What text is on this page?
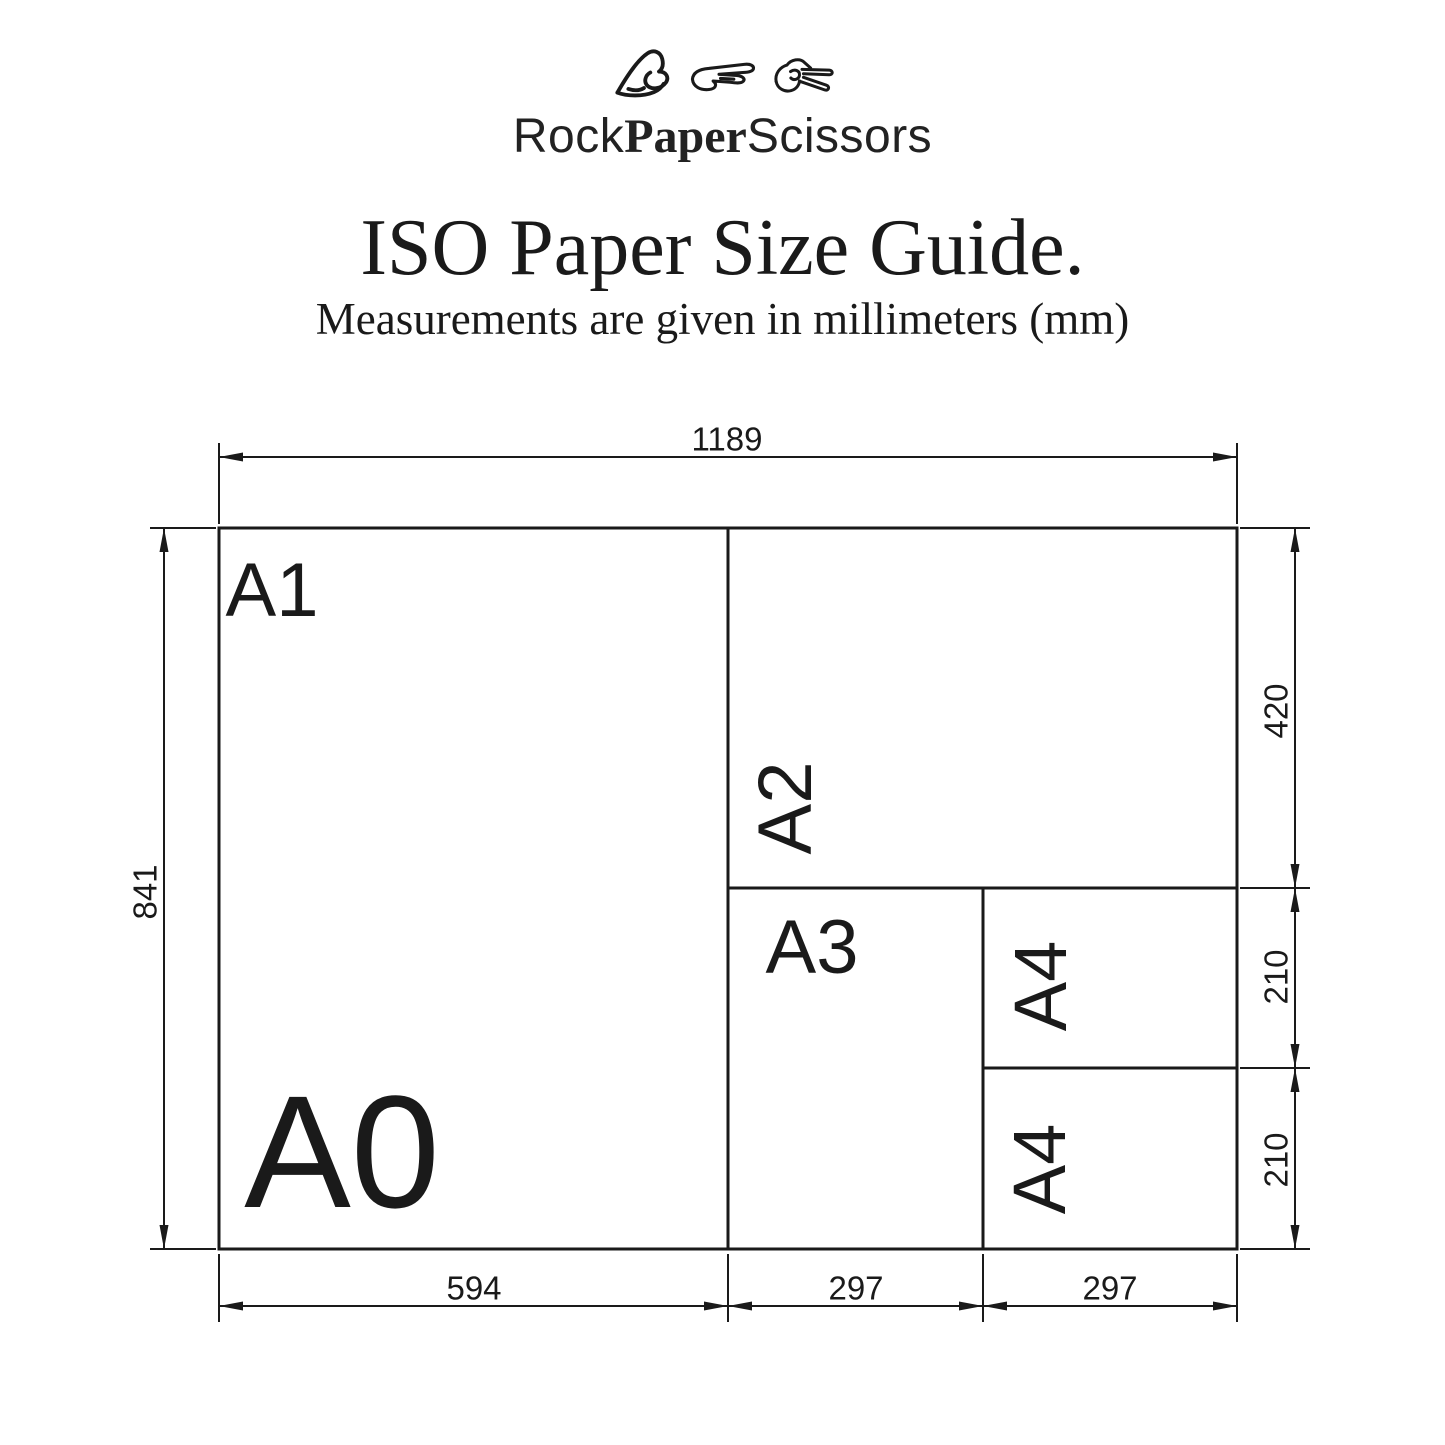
RockPaperScissors
ISO Paper Size Guide.
Measurements are given in millimeters (mm)
A0
A1
A2
A3 A4
A4
1189
841
420
210
210
594	297	297
